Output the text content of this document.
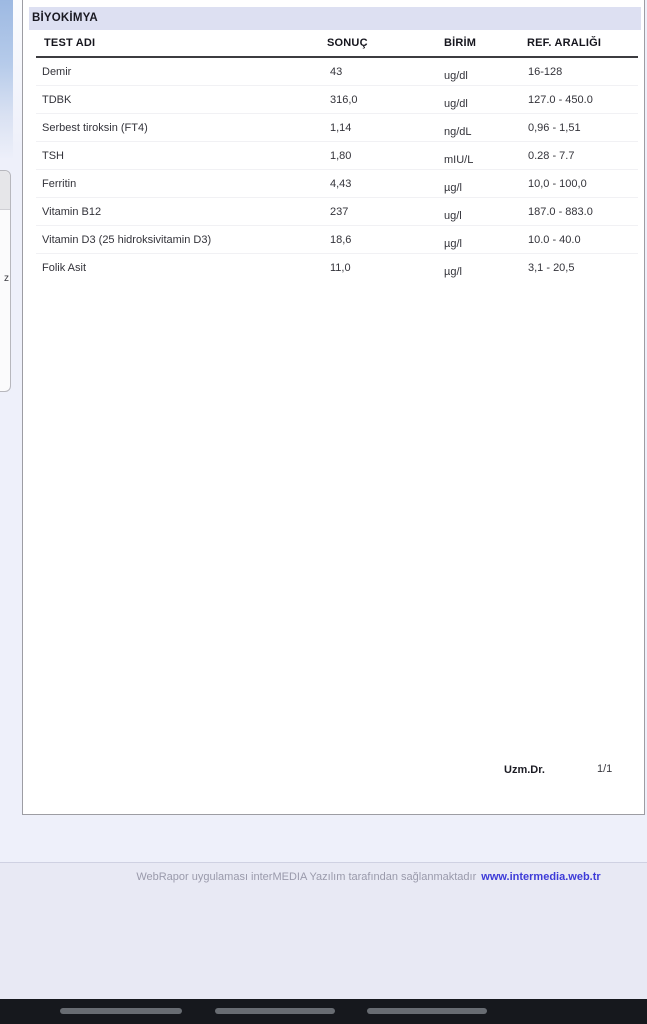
z
BİYOKİMYA
TEST ADI	SONUÇ	BİRİM	REF. ARALIĞI
Demir	43	ug/dl	16-128
TDBK	316,0	ug/dl	127.0 - 450.0
Serbest tiroksin (FT4)	1,14	ng/dL	0,96 - 1,51
TSH	1,80	mIU/L	0.28 - 7.7
Ferritin	4,43	µg/l	10,0 - 100,0
Vitamin B12	237	ug/l	187.0 - 883.0
Vitamin D3 (25 hidroksivitamin D3)	18,6	µg/l	10.0 - 40.0
Folik Asit	11,0	µg/l	3,1 - 20,5
Uzm.Dr.	1/1
WebRapor uygulaması interMEDIA Yazılım tarafından sağlanmaktadır www.intermedia.web.tr
